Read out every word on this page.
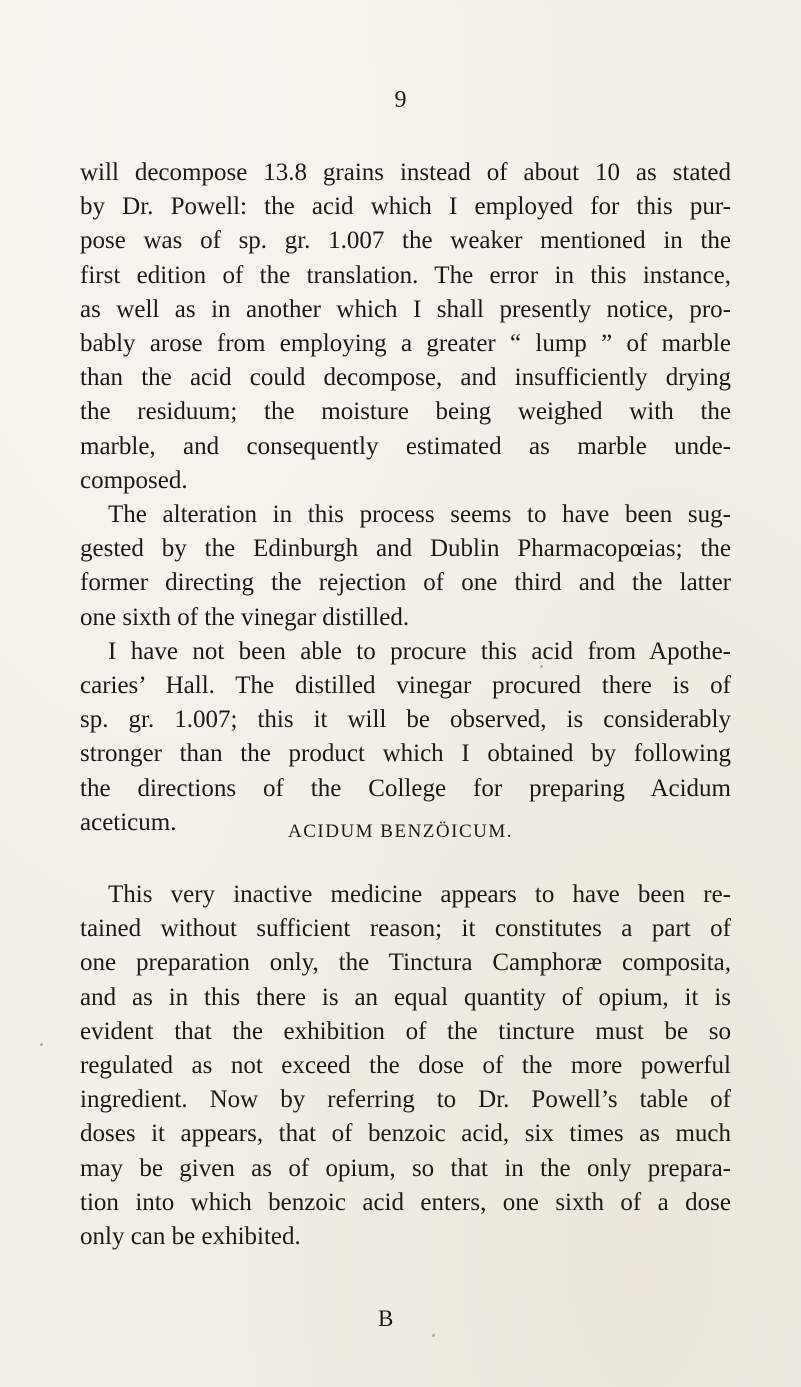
9

will decompose 13.8 grains instead of about 10 as stated
by Dr. Powell: the acid which I employed for this pur-
pose was of sp. gr. 1.007 the weaker mentioned in the
first edition of the translation. The error in this instance,
as well as in another which I shall presently notice, pro-
bably arose from employing a greater “ lump ” of marble
than the acid could decompose, and insufficiently drying
the residuum; the moisture being weighed with the
marble, and consequently estimated as marble unde-
composed.

The alteration in this process seems to have been sug-
gested by the Edinburgh and Dublin Pharmacopœias; the
former directing the rejection of one third and the latter
one sixth of the vinegar distilled.

I have not been able to procure this acid from Apothe-
caries’ Hall. The distilled vinegar procured there is of
sp. gr. 1.007; this it will be observed, is considerably
stronger than the product which I obtained by following
the directions of the College for preparing Acidum
aceticum.	ACIDUM BENZÖICUM.

This very inactive medicine appears to have been re-
tained without sufficient reason; it constitutes a part of
one preparation only, the Tinctura Camphoræ composita,
and as in this there is an equal quantity of opium, it is
evident that the exhibition of the tincture must be so
regulated as not exceed the dose of the more powerful
ingredient. Now by referring to Dr. Powell’s table of
doses it appears, that of benzoic acid, six times as much
may be given as of opium, so that in the only prepara-
tion into which benzoic acid enters, one sixth of a dose
only can be exhibited.

B
